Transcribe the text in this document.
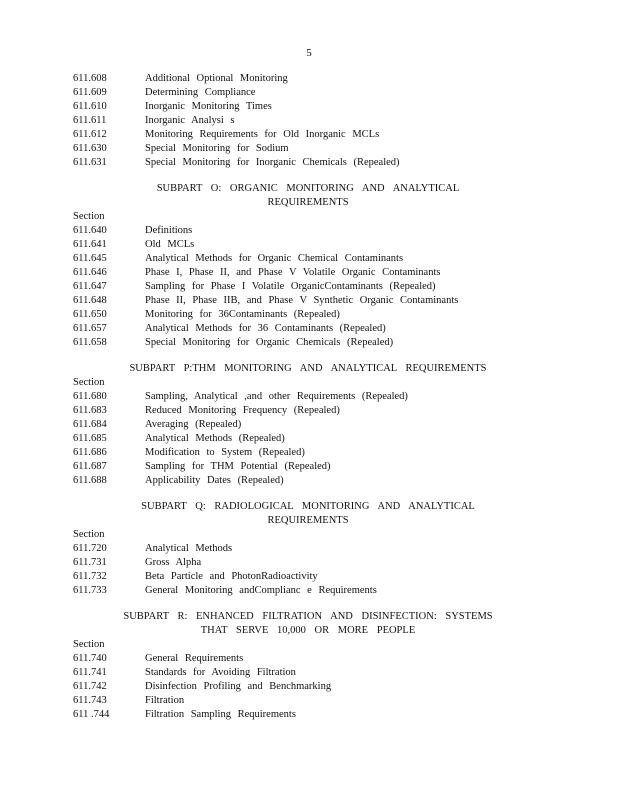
5
611.608	Additional Optional Monitoring
611.609	Determining Compliance
611.610	Inorganic Monitoring Times
611.611	Inorganic Analysi s
611.612	Monitoring Requirements for Old Inorganic MCLs
611.630	Special Monitoring for Sodium
611.631	Special Monitoring for Inorganic Chemicals (Repealed)
SUBPART O: ORGANIC MONITORING AND ANALYTICAL
REQUIREMENTS
Section
611.640	Definitions
611.641	Old MCLs
611.645	Analytical Methods for Organic Chemical Contaminants
611.646	Phase I, Phase II, and Phase V Volatile Organic Contaminants
611.647	Sampling for Phase I Volatile OrganicContaminants (Repealed)
611.648	Phase II, Phase IIB, and Phase V Synthetic Organic Contaminants
611.650	Monitoring for 36Contaminants (Repealed)
611.657	Analytical Methods for 36 Contaminants (Repealed)
611.658	Special Monitoring for Organic Chemicals (Repealed)
SUBPART P:THM MONITORING AND ANALYTICAL REQUIREMENTS
Section
611.680	Sampling, Analytical ,and other Requirements (Repealed)
611.683	Reduced Monitoring Frequency (Repealed)
611.684	Averaging (Repealed)
611.685	Analytical Methods (Repealed)
611.686	Modification to System (Repealed)
611.687	Sampling for THM Potential (Repealed)
611.688	Applicability Dates (Repealed)
SUBPART Q: RADIOLOGICAL MONITORING AND ANALYTICAL
REQUIREMENTS
Section
611.720	Analytical Methods
611.731	Gross Alpha
611.732	Beta Particle and PhotonRadioactivity
611.733	General Monitoring andComplianc e Requirements
SUBPART R: ENHANCED FILTRATION AND DISINFECTION: SYSTEMS
THAT SERVE 10,000 OR MORE PEOPLE
Section
611.740	General Requirements
611.741	Standards for Avoiding Filtration
611.742	Disinfection Profiling and Benchmarking
611.743	Filtration
611 .744	Filtration Sampling Requirements
